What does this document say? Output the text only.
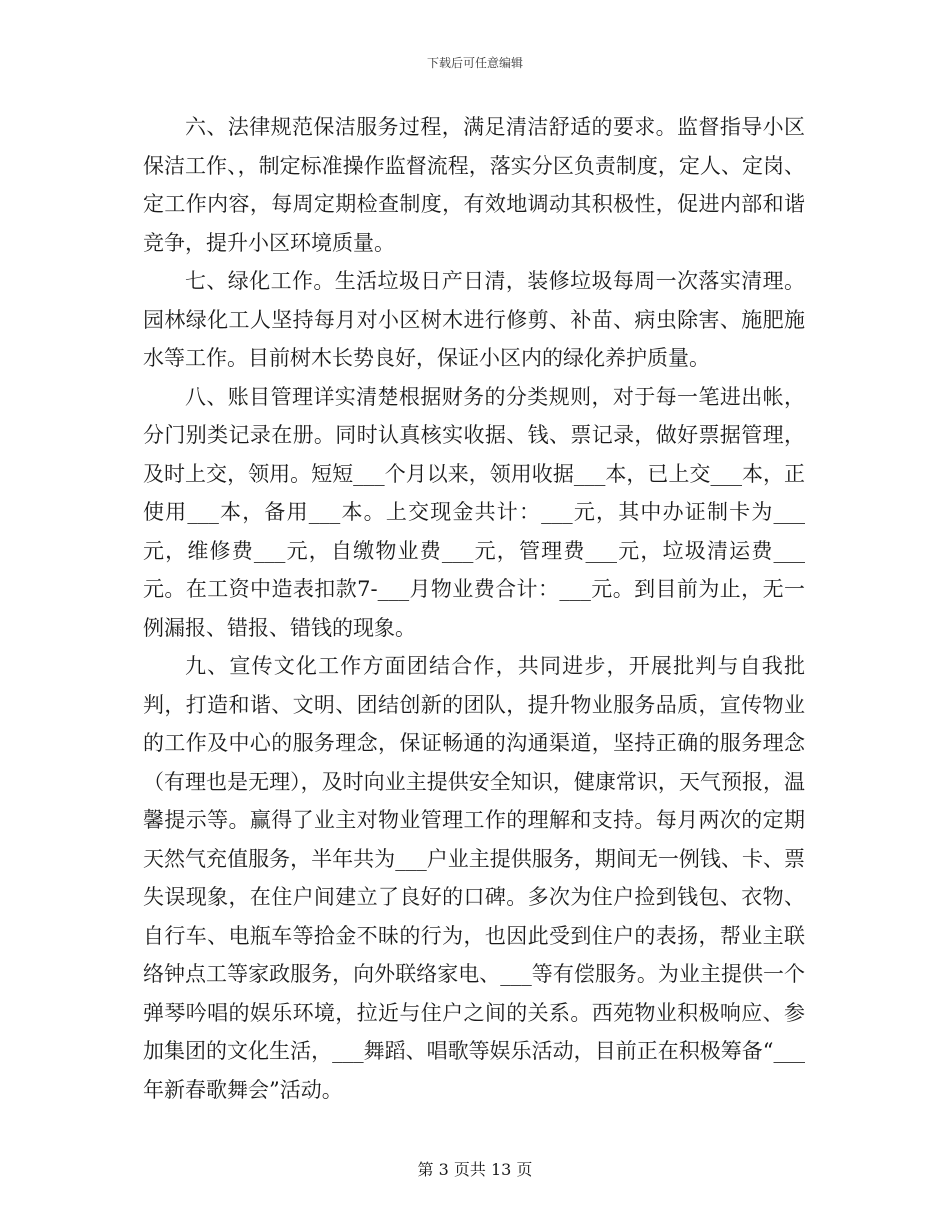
下载后可任意编辑

六、法律规范保洁服务过程，满足清洁舒适的要求。监督指导小区保洁工作、，制定标准操作监督流程，落实分区负责制度，定人、定岗、定工作内容，每周定期检查制度，有效地调动其积极性，促进内部和谐竞争，提升小区环境质量。

七、绿化工作。生活垃圾日产日清，装修垃圾每周一次落实清理。园林绿化工人坚持每月对小区树木进行修剪、补苗、病虫除害、施肥施水等工作。目前树木长势良好，保证小区内的绿化养护质量。

八、账目管理详实清楚根据财务的分类规则，对于每一笔进出帐，分门别类记录在册。同时认真核实收据、钱、票记录，做好票据管理，及时上交，领用。短短___个月以来，领用收据___本，已上交___本，正使用___本，备用___本。上交现金共计：___元，其中办证制卡为___元，维修费___元，自缴物业费___元，管理费___元，垃圾清运费___元。在工资中造表扣款7-___月物业费合计：___元。到目前为止，无一例漏报、错报、错钱的现象。

九、宣传文化工作方面团结合作，共同进步，开展批判与自我批判，打造和谐、文明、团结创新的团队，提升物业服务品质，宣传物业的工作及中心的服务理念，保证畅通的沟通渠道，坚持正确的服务理念（有理也是无理），及时向业主提供安全知识，健康常识，天气预报，温馨提示等。赢得了业主对物业管理工作的理解和支持。每月两次的定期天然气充值服务，半年共为___户业主提供服务，期间无一例钱、卡、票失误现象，在住户间建立了良好的口碑。多次为住户捡到钱包、衣物、自行车、电瓶车等拾金不昧的行为，也因此受到住户的表扬，帮业主联络钟点工等家政服务，向外联络家电、___等有偿服务。为业主提供一个弹琴吟唱的娱乐环境，拉近与住户之间的关系。西苑物业积极响应、参加集团的文化生活，___舞蹈、唱歌等娱乐活动，目前正在积极筹备“___年新春歌舞会”活动。

第 3 页共 13 页
